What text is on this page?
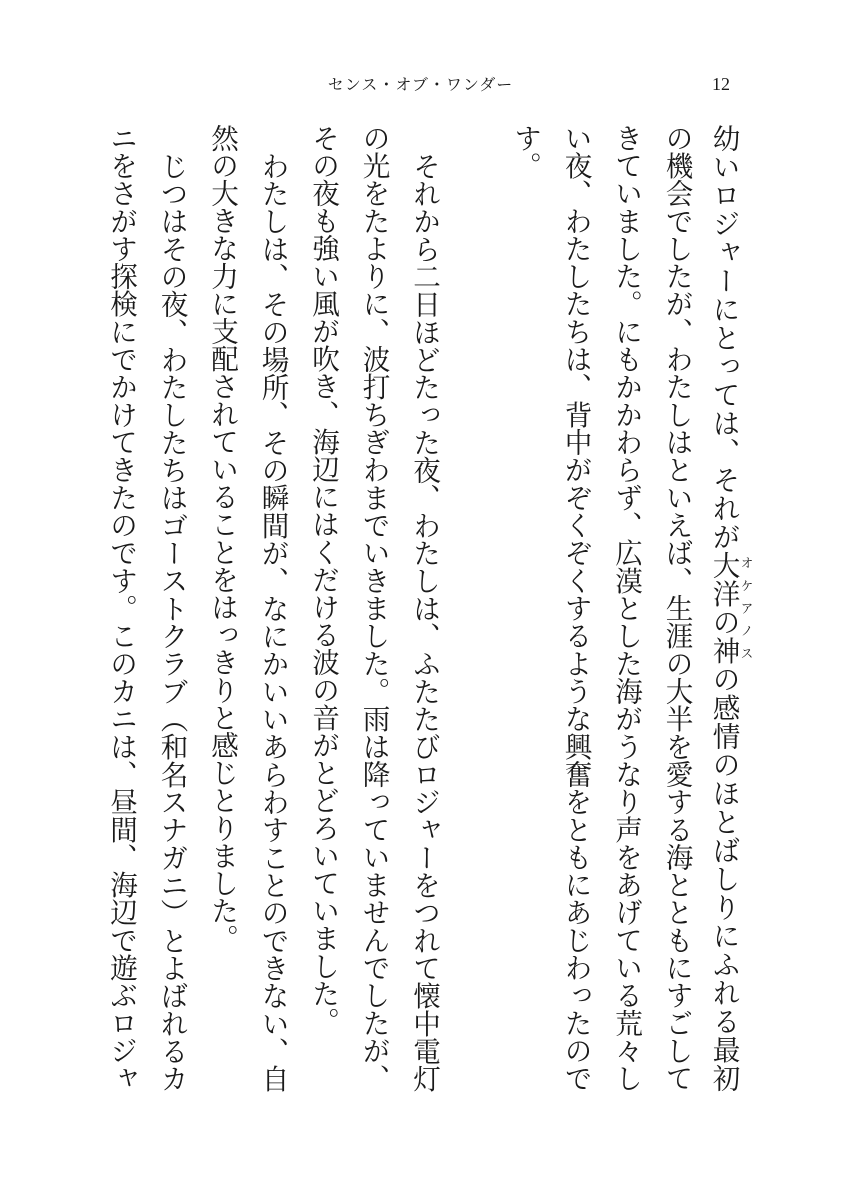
センス・オブ・ワンダー	12
幼いロジャーにとっては、それが大洋の神オケアノスの感情のほとばしりにふれる最初
の機会でしたが、わたしはといえば、生涯の大半を愛する海とともにすごして
きていました。にもかかわらず、広漠とした海がうなり声をあげている荒々し
い夜、わたしたちは、背中がぞくぞくするような興奮をともにあじわったので
す。
それから二日ほどたった夜、わたしは、ふたたびロジャーをつれて懐中電灯
の光をたよりに、波打ちぎわまでいきました。雨は降っていませんでしたが、
その夜も強い風が吹き、海辺にはくだける波の音がとどろいていました。
わたしは、その場所、その瞬間が、なにかいいあらわすことのできない、自
然の大きな力に支配されていることをはっきりと感じとりました。
じつはその夜、わたしたちはゴーストクラブ（和名スナガニ）とよばれるカ
ニをさがす探検にでかけてきたのです。このカニは、昼間、海辺で遊ぶロジャ
